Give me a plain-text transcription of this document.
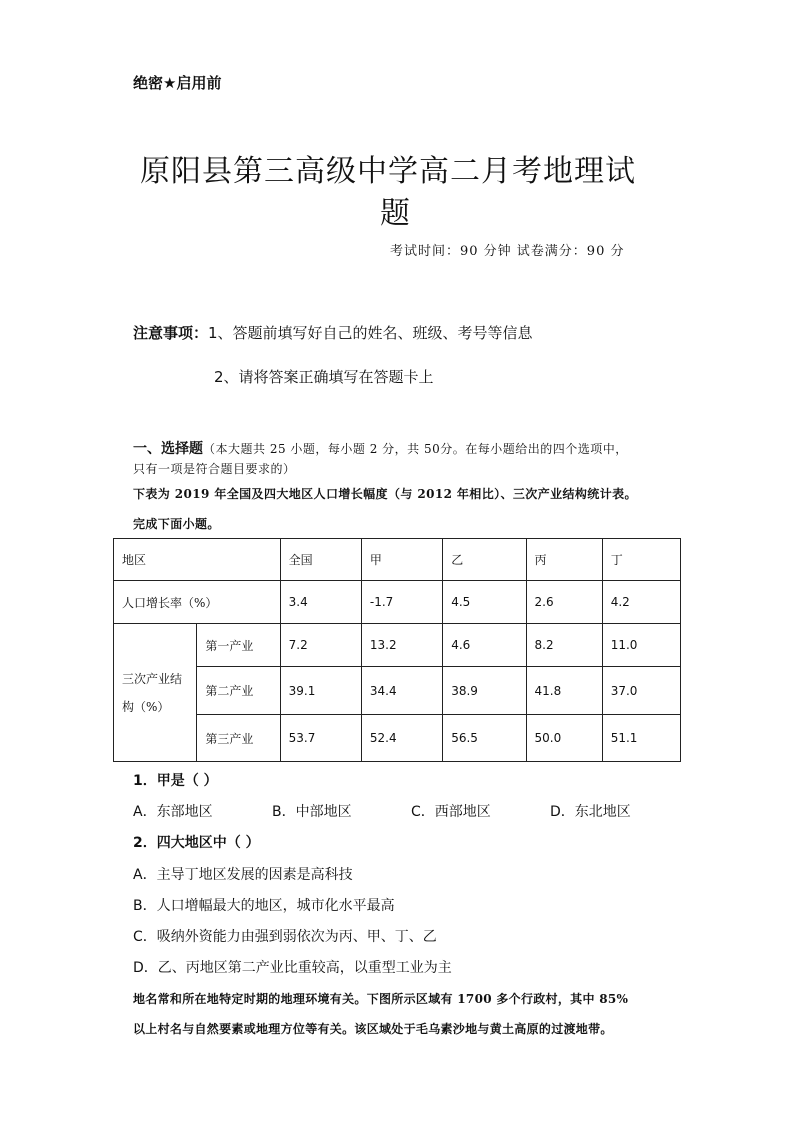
绝密★启用前
原阳县第三高级中学高二月考地理试
题
考试时间：90 分钟 试卷满分：90 分
注意事项：1、答题前填写好自己的姓名、班级、考号等信息
2、请将答案正确填写在答题卡上
一、选择题（本大题共 25 小题，每小题 2 分，共 50分。在每小题给出的四个选项中，
只有一项是符合题目要求的）
下表为 2019 年全国及四大地区人口增长幅度（与 2012 年相比）、三次产业结构统计表。
完成下面小题。
地区		全国	甲	乙	丙	丁
人口增长率（%）		3.4	-1.7	4.5	2.6	4.2
三次产业结
构（%）	第一产业	7.2	13.2	4.6	8.2	11.0
	第二产业	39.1	34.4	38.9	41.8	37.0
	第三产业	53.7	52.4	56.5	50.0	51.1
1．甲是（ ）
A．东部地区	B．中部地区	C．西部地区	D．东北地区
2．四大地区中（ ）
A．主导丁地区发展的因素是高科技
B．人口增幅最大的地区，城市化水平最高
C．吸纳外资能力由强到弱依次为丙、甲、丁、乙
D．乙、丙地区第二产业比重较高，以重型工业为主
地名常和所在地特定时期的地理环境有关。下图所示区域有 1700 多个行政村，其中 85%
以上村名与自然要素或地理方位等有关。该区域处于毛乌素沙地与黄土高原的过渡地带。
